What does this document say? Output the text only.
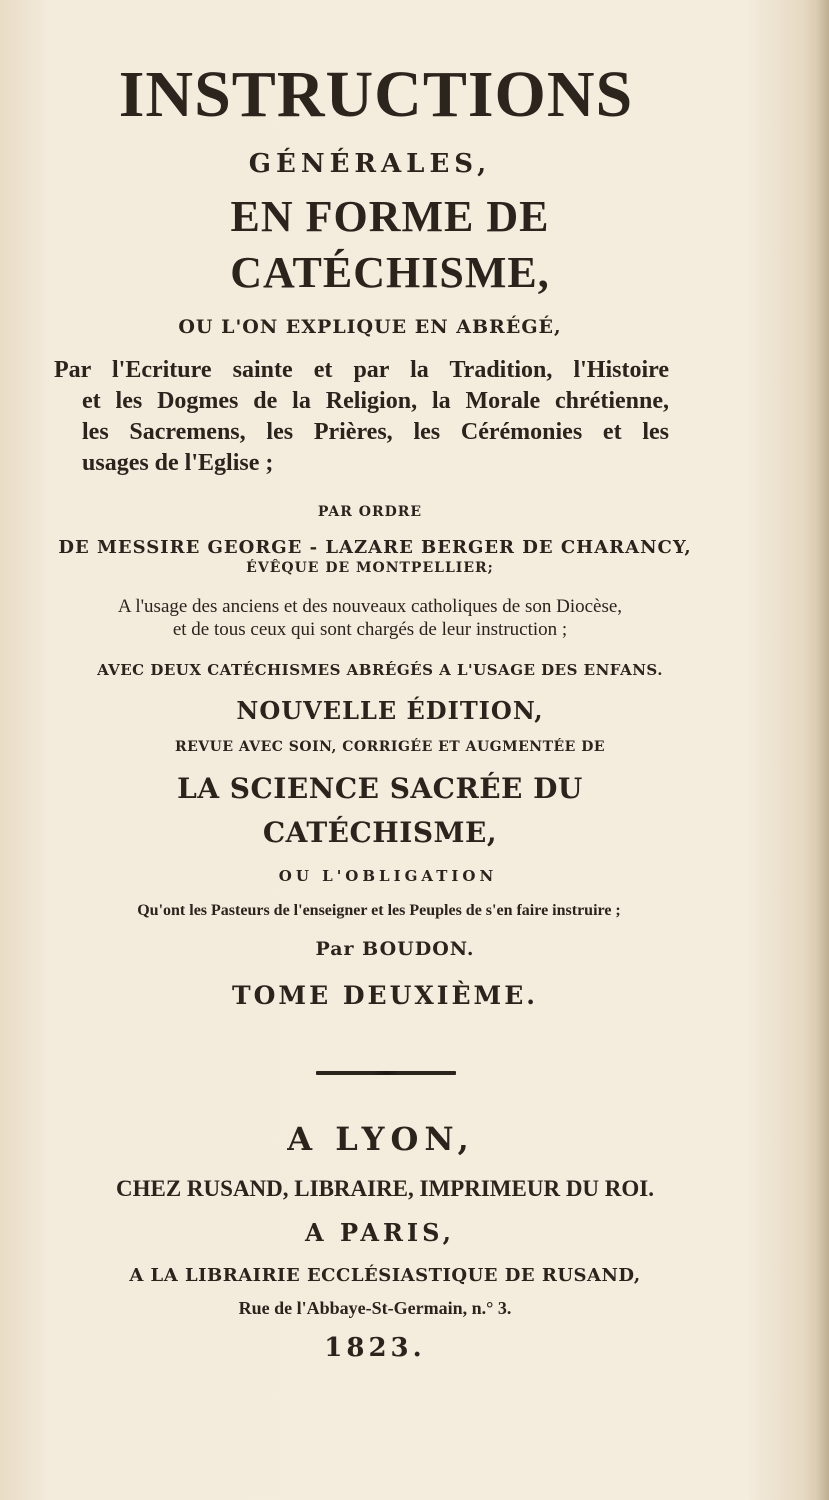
INSTRUCTIONS

GÉNÉRALES,

EN FORME DE CATÉCHISME,

OU L'ON EXPLIQUE EN ABRÉGÉ,

Par l'Ecriture sainte et par la Tradition, l'Histoire
et les Dogmes de la Religion, la Morale chrétienne,
les Sacremens, les Prières, les Cérémonies et les
usages de l'Eglise ;

PAR ORDRE

DE MESSIRE GEORGE - LAZARE BERGER DE CHARANCY,

ÉVÊQUE DE MONTPELLIER;

A l'usage des anciens et des nouveaux catholiques de son Diocèse,

et de tous ceux qui sont chargés de leur instruction ;

AVEC DEUX CATÉCHISMES ABRÉGÉS A L'USAGE DES ENFANS.

NOUVELLE ÉDITION,

REVUE AVEC SOIN, CORRIGÉE ET AUGMENTÉE DE

LA SCIENCE SACRÉE DU CATÉCHISME,

OU L'OBLIGATION

Qu'ont les Pasteurs de l'enseigner et les Peuples de s'en faire instruire ;

Par BOUDON.

TOME DEUXIÈME.

A LYON,

CHEZ RUSAND, LIBRAIRE, IMPRIMEUR DU ROI.

A PARIS,

A LA LIBRAIRIE ECCLÉSIASTIQUE DE RUSAND,

Rue de l'Abbaye-St-Germain, n.° 3.

1823.
